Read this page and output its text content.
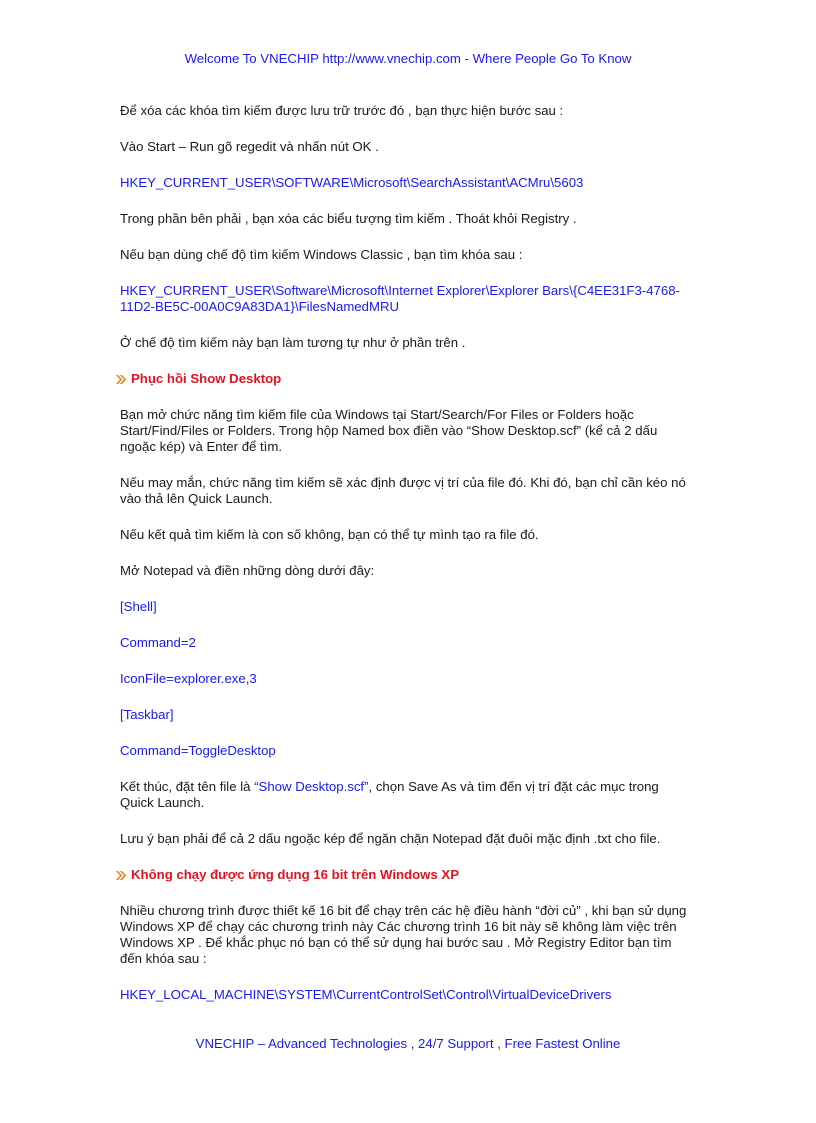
Welcome To VNECHIP http://www.vnechip.com - Where People Go To Know
Để xóa các khóa tìm kiếm được lưu trữ trước đó , bạn thực hiện bước sau :
Vào Start – Run gõ regedit và nhấn nút OK .
HKEY_CURRENT_USER\SOFTWARE\Microsoft\SearchAssistant\ACMru\5603
Trong phần bên phải , bạn xóa các biểu tượng tìm kiếm . Thoát khỏi Registry .
Nếu bạn dùng chế độ tìm kiếm Windows Classic , bạn tìm khóa sau :
HKEY_CURRENT_USER\Software\Microsoft\Internet Explorer\Explorer Bars\{C4EE31F3-4768-
11D2-BE5C-00A0C9A83DA1}\FilesNamedMRU
Ở chế độ tìm kiếm này bạn làm tương tự như ở phần trên .
Phục hồi Show Desktop
Bạn mở chức năng tìm kiếm file của Windows tại Start/Search/For Files or Folders hoặc
Start/Find/Files or Folders. Trong hộp Named box điền vào “Show Desktop.scf” (kể cả 2 dấu
ngoặc kép) và Enter để tìm.
Nếu may mắn, chức năng tìm kiếm sẽ xác định được vị trí của file đó. Khi đó, bạn chỉ cần kéo nó
vào thả lên Quick Launch.
Nếu kết quả tìm kiếm là con số không, bạn có thể tự mình tạo ra file đó.
Mở Notepad và điền những dòng dưới đây:
[Shell]
Command=2
IconFile=explorer.exe,3
[Taskbar]
Command=ToggleDesktop
Kết thúc, đặt tên file là “Show Desktop.scf”, chọn Save As và tìm đến vị trí đặt các mục trong
Quick Launch.
Lưu ý bạn phải để cả 2 dấu ngoặc kép để ngăn chặn Notepad đặt đuôi mặc định .txt cho file.
Không chạy được ứng dụng 16 bit trên Windows XP
Nhiều chương trình được thiết kế 16 bit để chạy trên các hệ điều hành “đời củ” , khi bạn sử dụng
Windows XP để chạy các chương trình này Các chương trình 16 bit này sẽ không làm việc trên
Windows XP . Để khắc phục nó bạn có thể sử dụng hai bước sau . Mở Registry Editor bạn tìm
đến khóa sau :
HKEY_LOCAL_MACHINE\SYSTEM\CurrentControlSet\Control\VirtualDeviceDrivers
VNECHIP – Advanced Technologies , 24/7 Support , Free Fastest Online
